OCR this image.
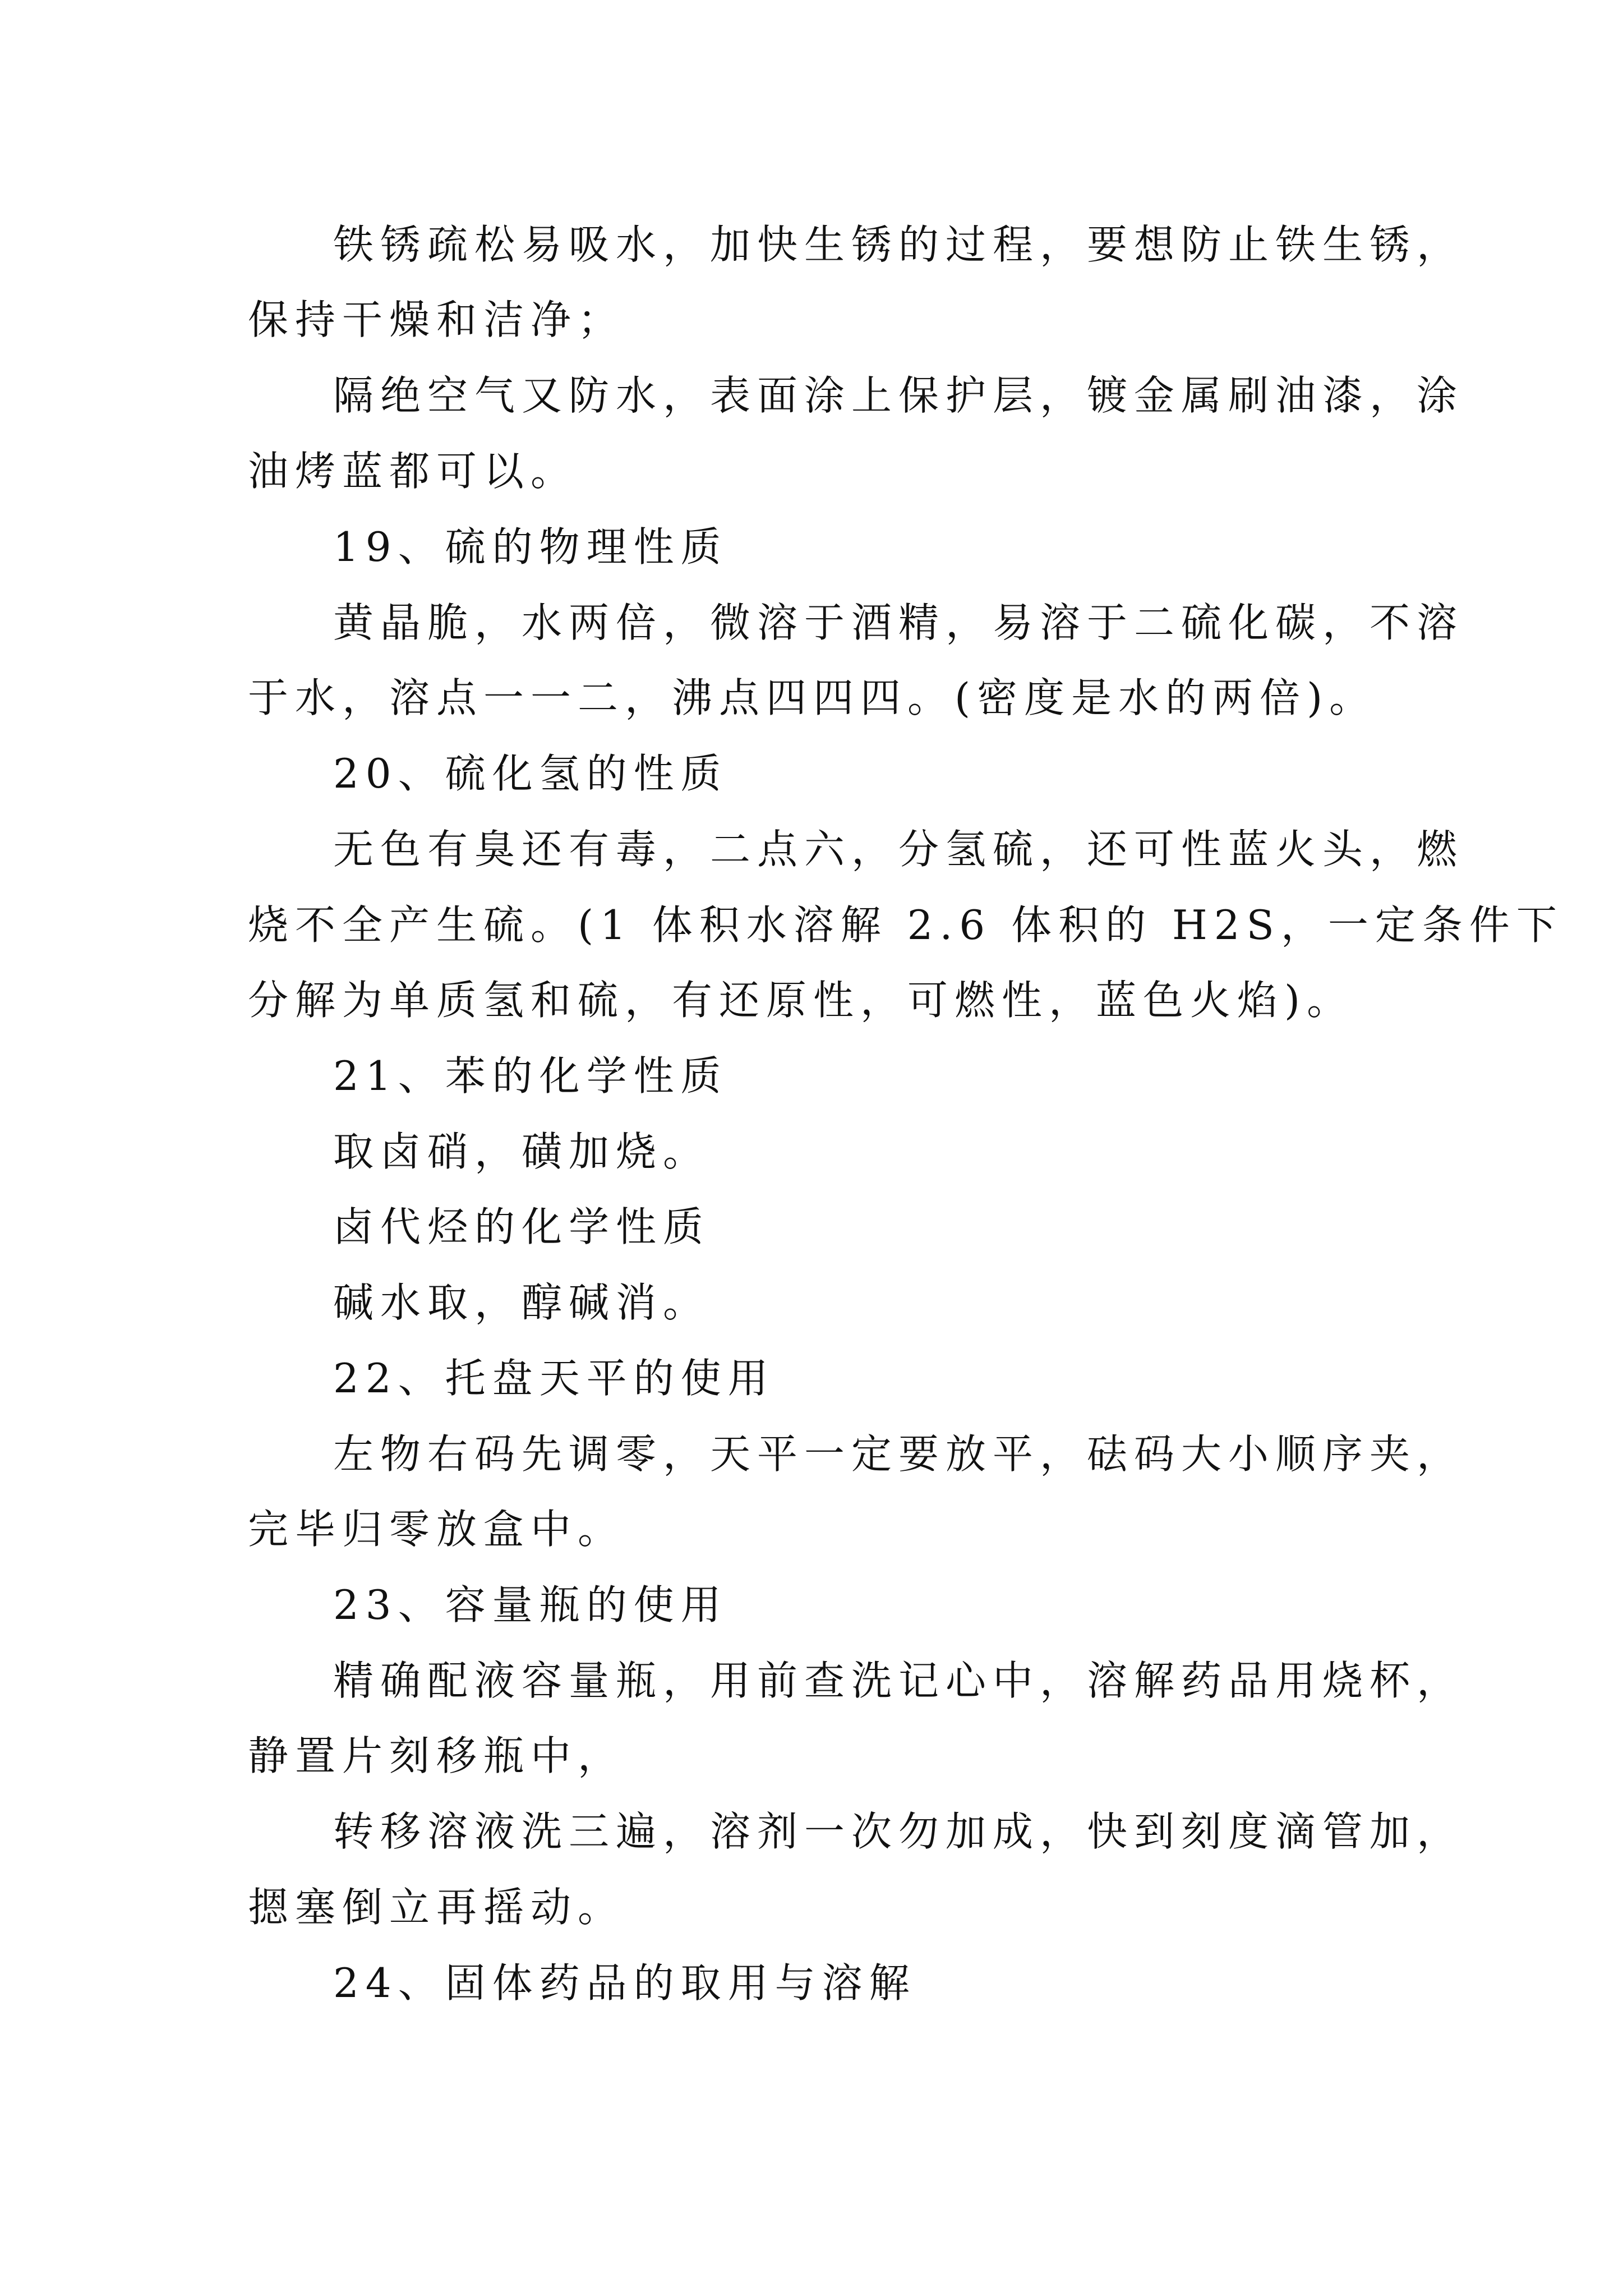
铁锈疏松易吸水，加快生锈的过程，要想防止铁生锈，
保持干燥和洁净；
隔绝空气又防水，表面涂上保护层，镀金属刷油漆，涂
油烤蓝都可以。
19、硫的物理性质
黄晶脆，水两倍，微溶于酒精，易溶于二硫化碳，不溶
于水，溶点一一二，沸点四四四。(密度是水的两倍)。
20、硫化氢的性质
无色有臭还有毒，二点六，分氢硫，还可性蓝火头，燃
烧不全产生硫。(1 体积水溶解 2.6 体积的 H2S，一定条件下
分解为单质氢和硫，有还原性，可燃性，蓝色火焰)。
21、苯的化学性质
取卤硝，磺加烧。
卤代烃的化学性质
碱水取，醇碱消。
22、托盘天平的使用
左物右码先调零，天平一定要放平，砝码大小顺序夹，
完毕归零放盒中。
23、容量瓶的使用
精确配液容量瓶，用前查洗记心中，溶解药品用烧杯，
静置片刻移瓶中，
转移溶液洗三遍，溶剂一次勿加成，快到刻度滴管加，
摁塞倒立再摇动。
24、固体药品的取用与溶解
